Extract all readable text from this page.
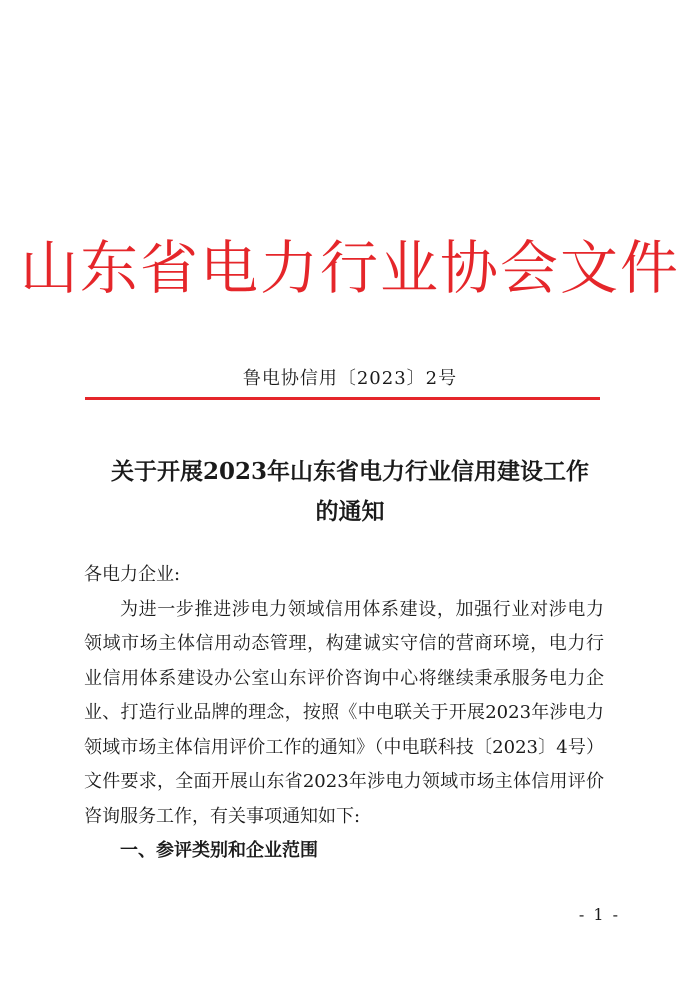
山东省电力行业协会文件
鲁电协信用〔2023〕2号
关于开展2023年山东省电力行业信用建设工作
的通知

各电力企业:

为进一步推进涉电力领域信用体系建设，加强行业对涉电力领域市场主体信用动态管理，构建诚实守信的营商环境，电力行业信用体系建设办公室山东评价咨询中心将继续秉承服务电力企业、打造行业品牌的理念，按照《中电联关于开展2023年涉电力领域市场主体信用评价工作的通知》（中电联科技〔2023〕4号）文件要求，全面开展山东省2023年涉电力领域市场主体信用评价咨询服务工作，有关事项通知如下:

一、参评类别和企业范围

- 1 -
